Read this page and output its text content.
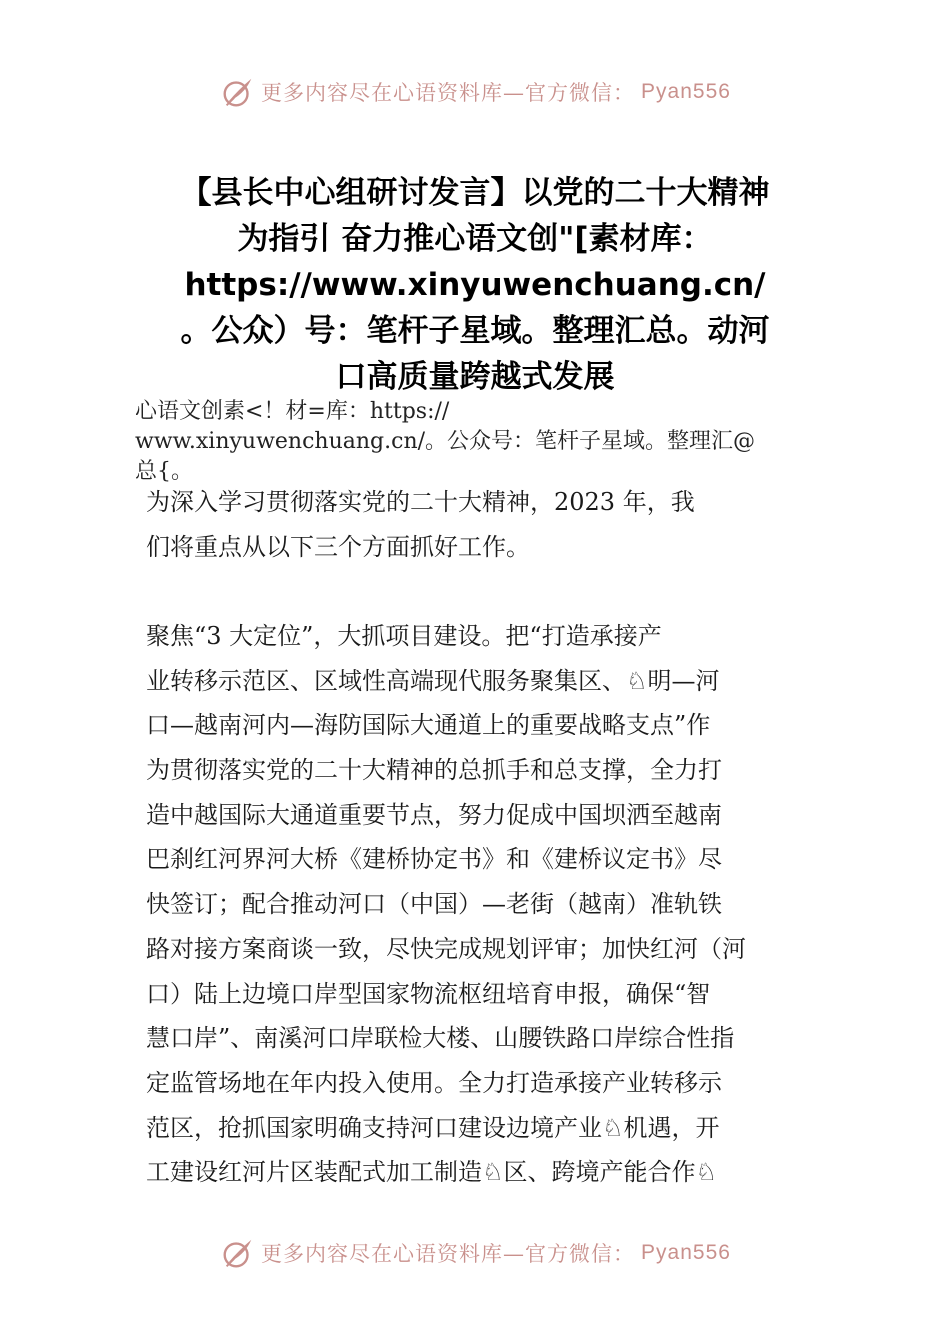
更多内容尽在心语资料库—官方微信： Pyan556
【县长中心组研讨发言】以党的二十大精神
为指引 奋力推心语文创"[素材库：
https://www.xinyuwenchuang.cn/
。公众）号：笔杆子星域。整理汇总。动河
口高质量跨越式发展
心语文创素<！材=库：https://
www.xinyuwenchuang.cn/。公众号：笔杆子星域。整理汇@
总{。
为深入学习贯彻落实党的二十大精神，2023 年，我
们将重点从以下三个方面抓好工作。
聚焦“3 大定位”，大抓项目建设。把“打造承接产
业转移示范区、区域性高端现代服务聚集区、♘明—河
口—越南河内—海防国际大通道上的重要战略支点”作
为贯彻落实党的二十大精神的总抓手和总支撑，全力打
造中越国际大通道重要节点，努力促成中国坝洒至越南
巴刹红河界河大桥《建桥协定书》和《建桥议定书》尽
快签订；配合推动河口（中国）—老街（越南）准轨铁
路对接方案商谈一致，尽快完成规划评审；加快红河（河
口）陆上边境口岸型国家物流枢纽培育申报，确保“智
慧口岸”、南溪河口岸联检大楼、山腰铁路口岸综合性指
定监管场地在年内投入使用。全力打造承接产业转移示
范区，抢抓国家明确支持河口建设边境产业♘机遇，开
工建设红河片区装配式加工制造♘区、跨境产能合作♘
更多内容尽在心语资料库—官方微信： Pyan556
